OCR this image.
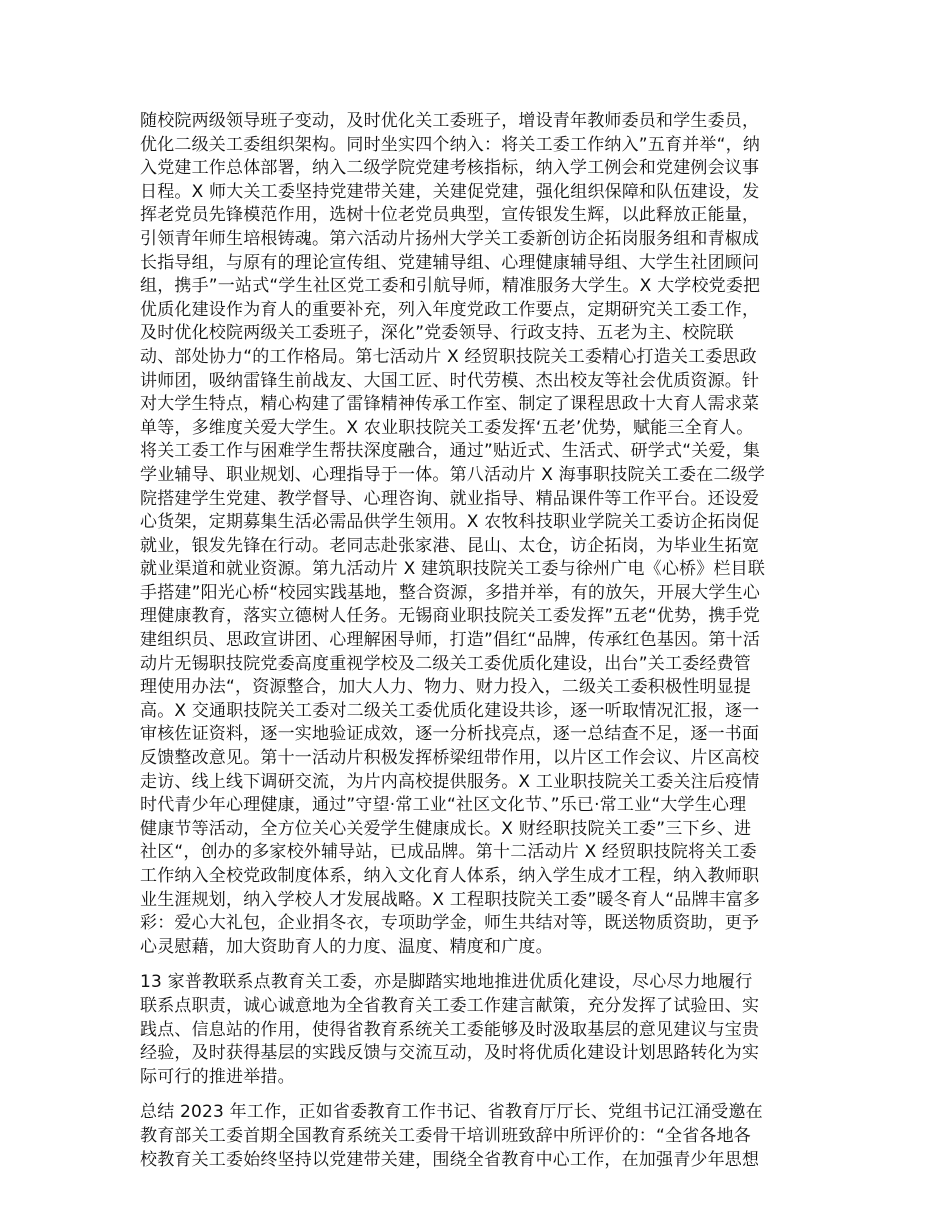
随校院两级领导班子变动，及时优化关工委班子，增设青年教师委员和学生委员，
优化二级关工委组织架构。同时坐实四个纳入：将关工委工作纳入”五育并举“，纳
入党建工作总体部署，纳入二级学院党建考核指标，纳入学工例会和党建例会议事
日程。X 师大关工委坚持党建带关建，关建促党建，强化组织保障和队伍建设，发
挥老党员先锋模范作用，选树十位老党员典型，宣传银发生辉，以此释放正能量，
引领青年师生培根铸魂。第六活动片扬州大学关工委新创访企拓岗服务组和青椒成
长指导组，与原有的理论宣传组、党建辅导组、心理健康辅导组、大学生社团顾问
组，携手”一站式“学生社区党工委和引航导师，精准服务大学生。X 大学校党委把
优质化建设作为育人的重要补充，列入年度党政工作要点，定期研究关工委工作，
及时优化校院两级关工委班子，深化”党委领导、行政支持、五老为主、校院联
动、部处协力“的工作格局。第七活动片 X 经贸职技院关工委精心打造关工委思政
讲师团，吸纳雷锋生前战友、大国工匠、时代劳模、杰出校友等社会优质资源。针
对大学生特点，精心构建了雷锋精神传承工作室、制定了课程思政十大育人需求菜
单等，多维度关爱大学生。X 农业职技院关工委发挥‘五老’优势，赋能三全育人。
将关工委工作与困难学生帮扶深度融合，通过”贴近式、生活式、研学式“关爱，集
学业辅导、职业规划、心理指导于一体。第八活动片 X 海事职技院关工委在二级学
院搭建学生党建、教学督导、心理咨询、就业指导、精品课件等工作平台。还设爱
心货架，定期募集生活必需品供学生领用。X 农牧科技职业学院关工委访企拓岗促
就业，银发先锋在行动。老同志赴张家港、昆山、太仓，访企拓岗，为毕业生拓宽
就业渠道和就业资源。第九活动片 X 建筑职技院关工委与徐州广电《心桥》栏目联
手搭建”阳光心桥“校园实践基地，整合资源，多措并举，有的放矢，开展大学生心
理健康教育，落实立德树人任务。无锡商业职技院关工委发挥”五老“优势，携手党
建组织员、思政宣讲团、心理解困导师，打造”倡红“品牌，传承红色基因。第十活
动片无锡职技院党委高度重视学校及二级关工委优质化建设，出台”关工委经费管
理使用办法“，资源整合，加大人力、物力、财力投入，二级关工委积极性明显提
高。X 交通职技院关工委对二级关工委优质化建设共诊，逐一听取情况汇报，逐一
审核佐证资料，逐一实地验证成效，逐一分析找亮点，逐一总结查不足，逐一书面
反馈整改意见。第十一活动片积极发挥桥梁纽带作用，以片区工作会议、片区高校
走访、线上线下调研交流，为片内高校提供服务。X 工业职技院关工委关注后疫情
时代青少年心理健康，通过”守望·常工业“社区文化节、”乐已·常工业“大学生心理
健康节等活动，全方位关心关爱学生健康成长。X 财经职技院关工委”三下乡、进
社区“，创办的多家校外辅导站，已成品牌。第十二活动片 X 经贸职技院将关工委
工作纳入全校党政制度体系，纳入文化育人体系，纳入学生成才工程，纳入教师职
业生涯规划，纳入学校人才发展战略。X 工程职技院关工委”暖冬育人“品牌丰富多
彩：爱心大礼包，企业捐冬衣，专项助学金，师生共结对等，既送物质资助，更予
心灵慰藉，加大资助育人的力度、温度、精度和广度。

13 家普教联系点教育关工委，亦是脚踏实地地推进优质化建设，尽心尽力地履行
联系点职责，诚心诚意地为全省教育关工委工作建言献策，充分发挥了试验田、实
践点、信息站的作用，使得省教育系统关工委能够及时汲取基层的意见建议与宝贵
经验，及时获得基层的实践反馈与交流互动，及时将优质化建设计划思路转化为实
际可行的推进举措。

总结 2023 年工作，正如省委教育工作书记、省教育厅厅长、党组书记江涌受邀在
教育部关工委首期全国教育系统关工委骨干培训班致辞中所评价的：“全省各地各
校教育关工委始终坚持以党建带关建，围绕全省教育中心工作，在加强青少年思想
